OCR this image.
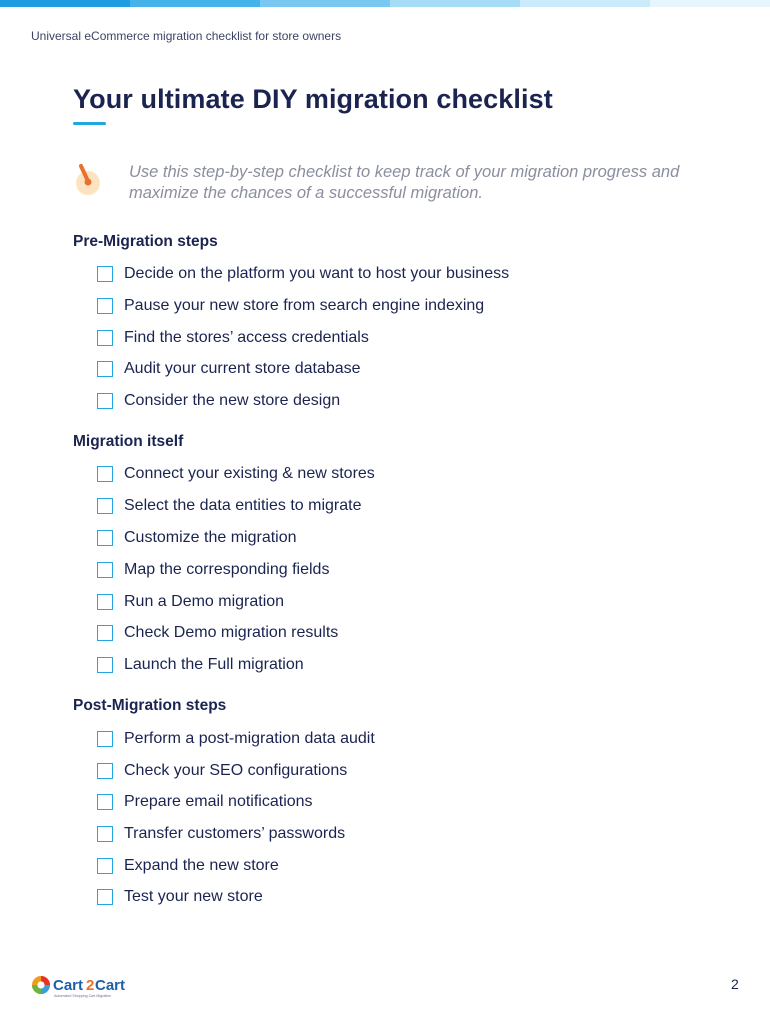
Universal eCommerce migration checklist for store owners
Your ultimate DIY migration checklist
Use this step-by-step checklist to keep track of your migration progress and maximize the chances of a successful migration.
Pre-Migration steps
Decide on the platform you want to host your business
Pause your new store from search engine indexing
Find the stores’ access credentials
Audit your current store database
Consider the new store design
Migration itself
Connect your existing & new stores
Select the data entities to migrate
Customize the migration
Map the corresponding fields
Run a Demo migration
Check Demo migration results
Launch the Full migration
Post-Migration steps
Perform a post-migration data audit
Check your SEO configurations
Prepare email notifications
Transfer customers’ passwords
Expand the new store
Test your new store
Cart 2 Cart
Automated Shopping Cart Migration
2
